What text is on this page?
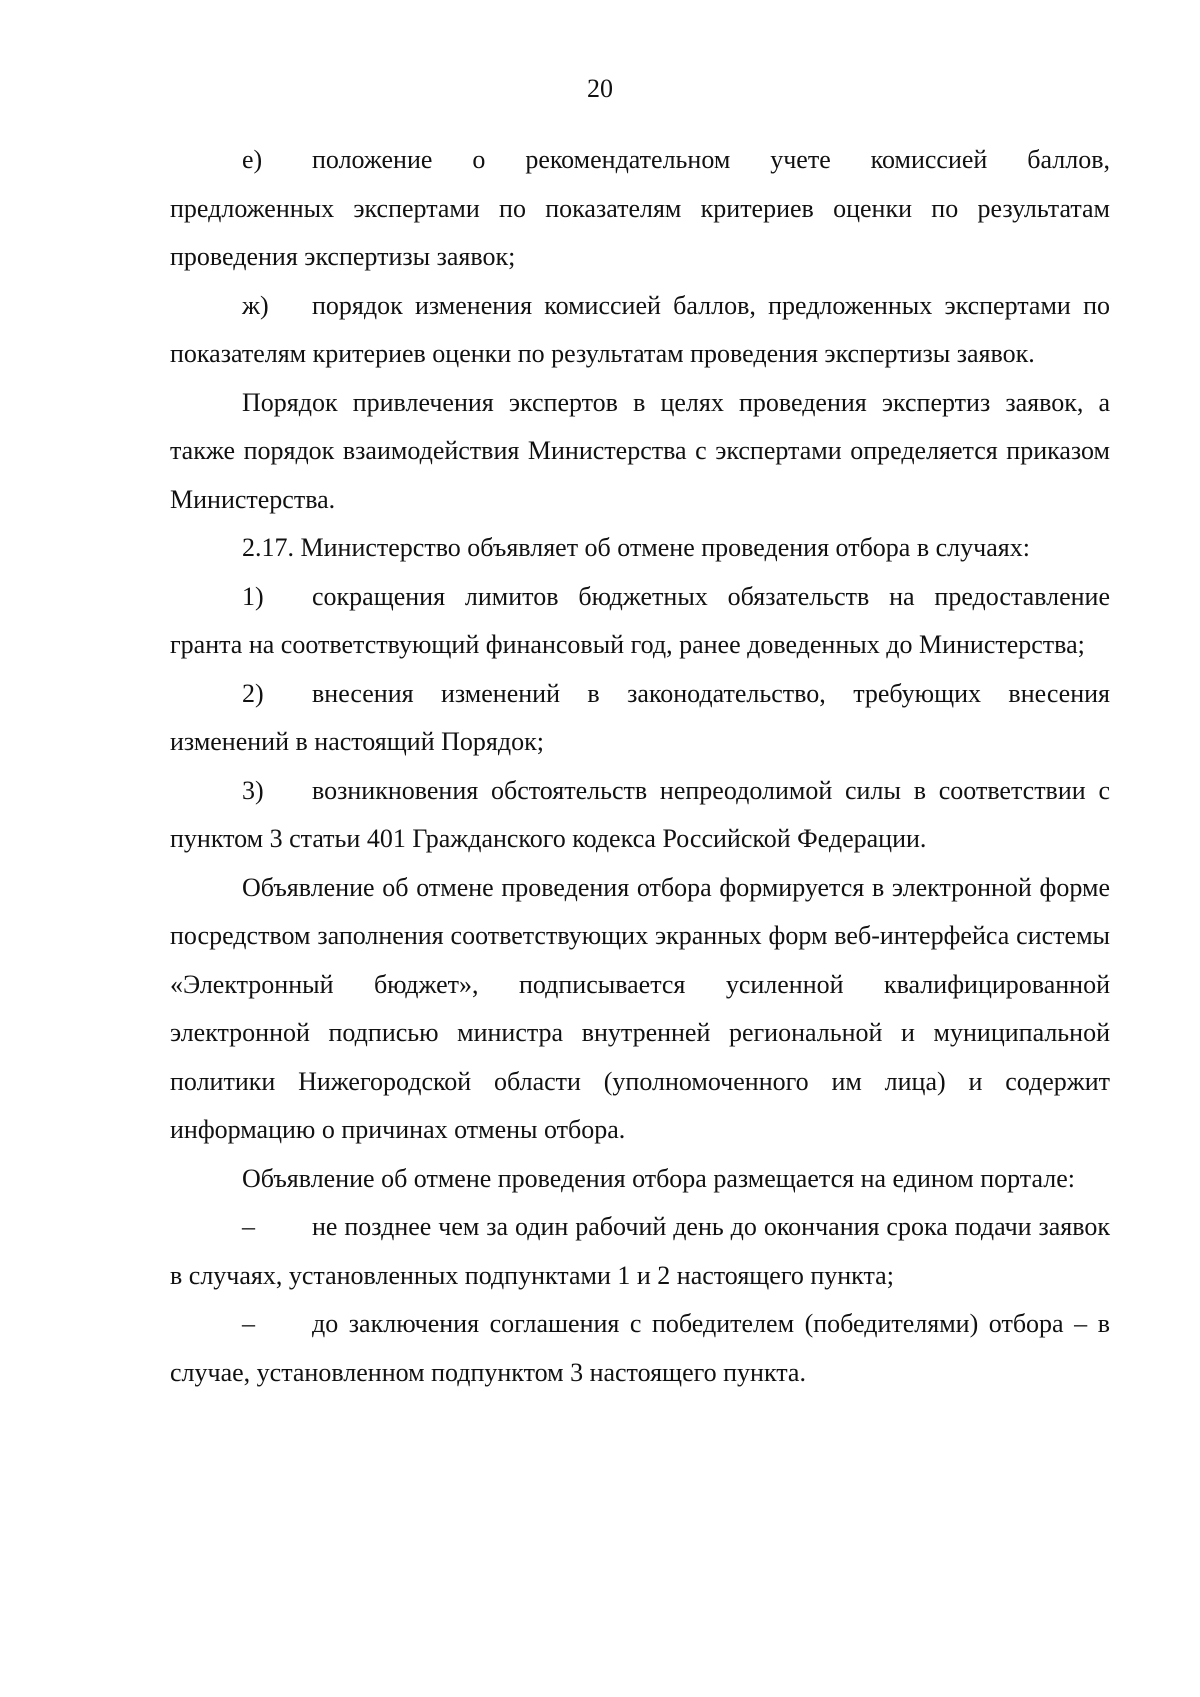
20

е) положение о рекомендательном учете комиссией баллов, предложенных экспертами по показателям критериев оценки по результатам проведения экспертизы заявок;

ж) порядок изменения комиссией баллов, предложенных экспертами по показателям критериев оценки по результатам проведения экспертизы заявок.

Порядок привлечения экспертов в целях проведения экспертиз заявок, а также порядок взаимодействия Министерства с экспертами определяется приказом Министерства.

2.17. Министерство объявляет об отмене проведения отбора в случаях:

1) сокращения лимитов бюджетных обязательств на предоставление гранта на соответствующий финансовый год, ранее доведенных до Министерства;

2) внесения изменений в законодательство, требующих внесения изменений в настоящий Порядок;

3) возникновения обстоятельств непреодолимой силы в соответствии с пунктом 3 статьи 401 Гражданского кодекса Российской Федерации.

Объявление об отмене проведения отбора формируется в электронной форме посредством заполнения соответствующих экранных форм веб-интерфейса системы «Электронный бюджет», подписывается усиленной квалифицированной электронной подписью министра внутренней региональной и муниципальной политики Нижегородской области (уполномоченного им лица) и содержит информацию о причинах отмены отбора.

Объявление об отмене проведения отбора размещается на едином портале:

– не позднее чем за один рабочий день до окончания срока подачи заявок в случаях, установленных подпунктами 1 и 2 настоящего пункта;

– до заключения соглашения с победителем (победителями) отбора – в случае, установленном подпунктом 3 настоящего пункта.
